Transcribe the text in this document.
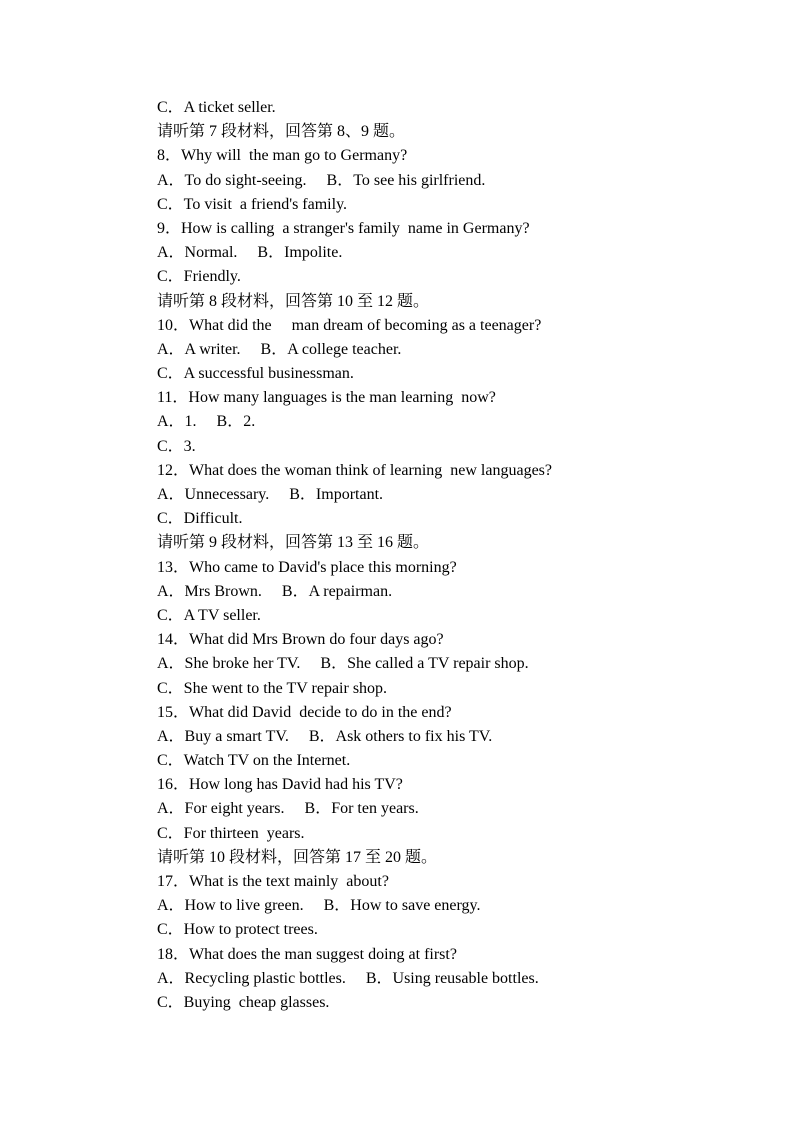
C．A ticket seller.
请听第 7 段材料，回答第 8、9 题。
8．Why will  the man go to Germany?
A．To do sight-seeing.     B．To see his girlfriend.
C．To visit  a friend's family.
9．How is calling  a stranger's family  name in Germany?
A．Normal.     B．Impolite.
C．Friendly.
请听第 8 段材料，回答第 10 至 12 题。
10．What did the     man dream of becoming as a teenager?
A．A writer.     B．A college teacher.
C．A successful businessman.
11．How many languages is the man learning  now?
A．1.     B．2.
C．3.
12．What does the woman think of learning  new languages?
A．Unnecessary.     B．Important.
C．Difficult.
请听第 9 段材料，回答第 13 至 16 题。
13．Who came to David's place this morning?
A．Mrs Brown.     B．A repairman.
C．A TV seller.
14．What did Mrs Brown do four days ago?
A．She broke her TV.     B．She called a TV repair shop.
C．She went to the TV repair shop.
15．What did David  decide to do in the end?
A．Buy a smart TV.     B．Ask others to fix his TV.
C．Watch TV on the Internet.
16．How long has David had his TV?
A．For eight years.     B．For ten years.
C．For thirteen  years.
请听第 10 段材料，回答第 17 至 20 题。
17．What is the text mainly  about?
A．How to live green.     B．How to save energy.
C．How to protect trees.
18．What does the man suggest doing at first?
A．Recycling plastic bottles.     B．Using reusable bottles.
C．Buying  cheap glasses.
